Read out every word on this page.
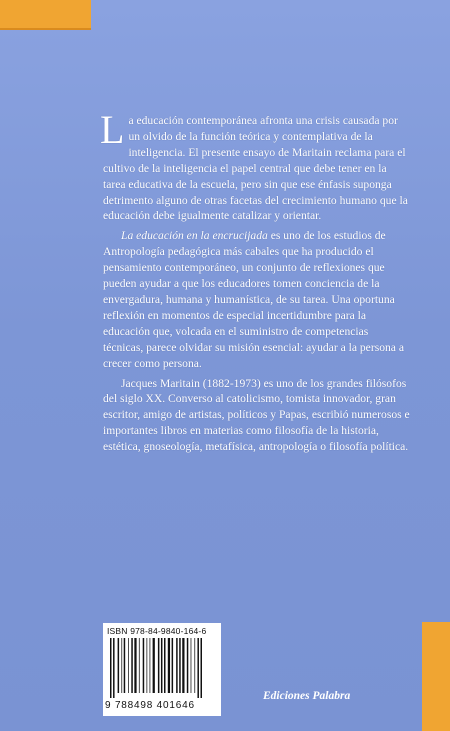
La educación contemporánea afronta una crisis causada por un olvido de la función teórica y contemplativa de la inteligencia. El presente ensayo de Maritain reclama para el cultivo de la inteligencia el papel central que debe tener en la tarea educativa de la escuela, pero sin que ese énfasis suponga detrimento alguno de otras facetas del crecimiento humano que la educación debe igualmente catalizar y orientar.

La educación en la encrucijada es uno de los estudios de Antropología pedagógica más cabales que ha producido el pensamiento contemporáneo, un conjunto de reflexiones que pueden ayudar a que los educadores tomen conciencia de la envergadura, humana y humanística, de su tarea. Una oportuna reflexión en momentos de especial incertidumbre para la educación que, volcada en el suministro de competencias técnicas, parece olvidar su misión esencial: ayudar a la persona a crecer como persona.

Jacques Maritain (1882-1973) es uno de los grandes filósofos del siglo XX. Converso al catolicismo, tomista innovador, gran escritor, amigo de artistas, políticos y Papas, escribió numerosos e importantes libros en materias como filosofía de la historia, estética, gnoseología, metafísica, antropología o filosofía política.

ISBN 978-84-9840-164-6
9 788498 401646
Ediciones Palabra
